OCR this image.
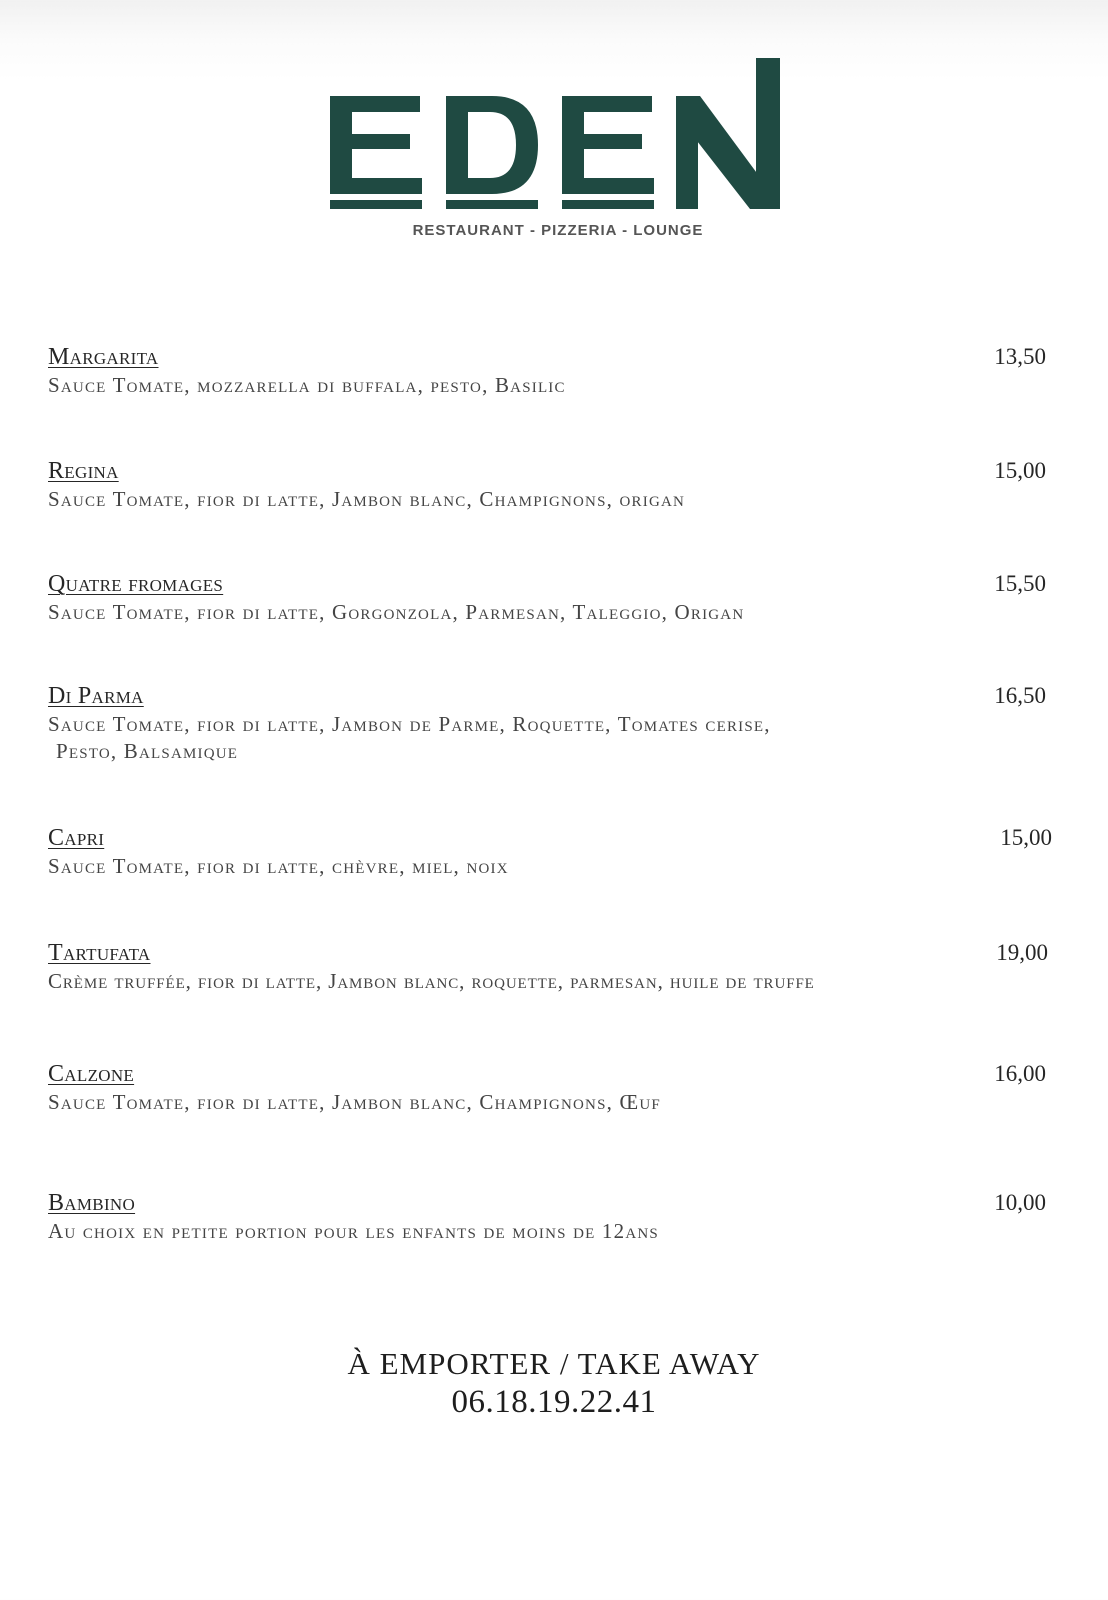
RESTAURANT - PIZZERIA - LOUNGE
Margarita	13,50
Sauce Tomate, mozzarella di buffala, pesto, Basilic
Regina	15,00
Sauce Tomate, fior di latte, Jambon blanc, Champignons, origan
Quatre fromages	15,50
Sauce Tomate, fior di latte, Gorgonzola, Parmesan, Taleggio, Origan
Di Parma	16,50
Sauce Tomate, fior di latte, Jambon de Parme, Roquette, Tomates cerise,
Pesto, Balsamique
Capri	15,00
Sauce Tomate, fior di latte, chèvre, miel, noix
Tartufata	19,00
Crème truffée, fior di latte, Jambon blanc, roquette, parmesan, huile de truffe
Calzone	16,00
Sauce Tomate, fior di latte, Jambon blanc, Champignons, Œuf
Bambino	10,00
Au choix en petite portion pour les enfants de moins de 12ans
À EMPORTER / TAKE AWAY
06.18.19.22.41
